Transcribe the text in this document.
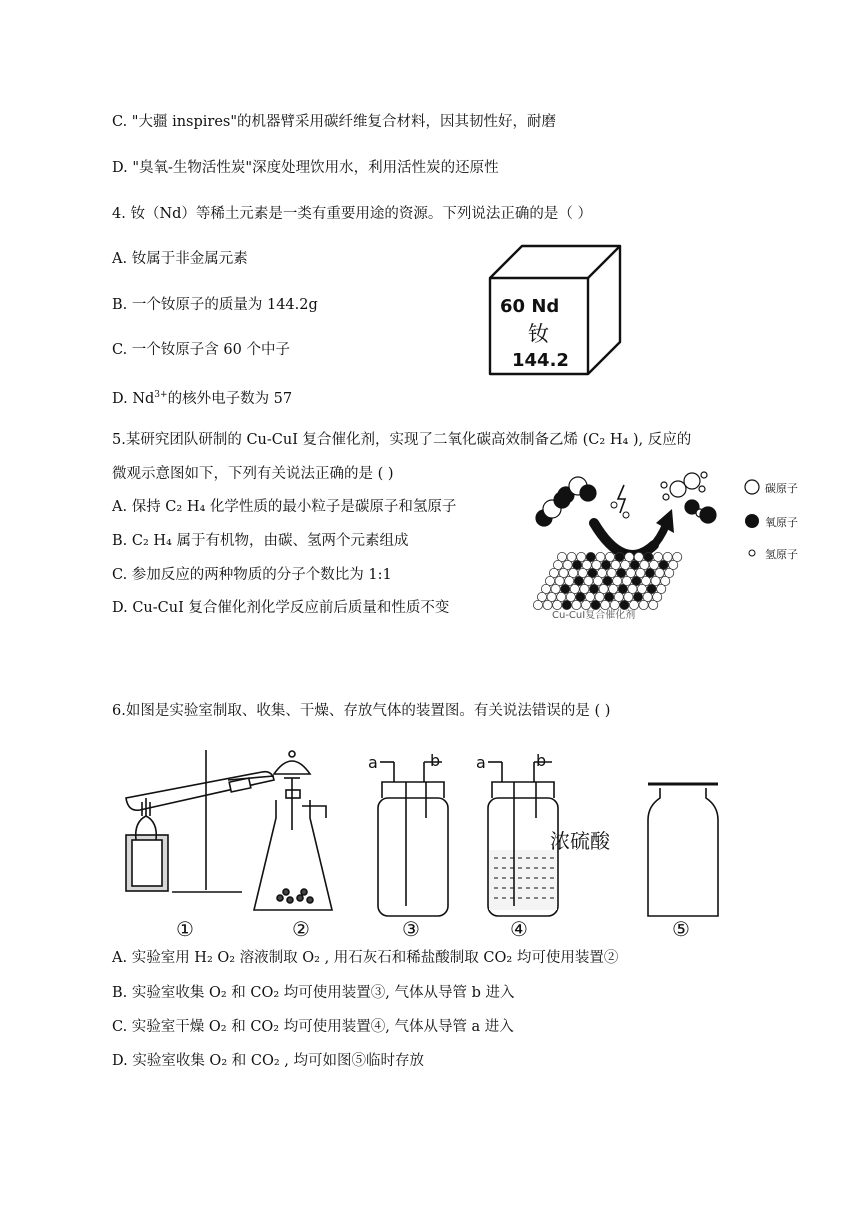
C. "大疆 inspires"的机器臂采用碳纤维复合材料，因其韧性好，耐磨
D. "臭氧-生物活性炭"深度处理饮用水，利用活性炭的还原性
4. 钕（Nd）等稀土元素是一类有重要用途的资源。下列说法正确的是（ ）
A. 钕属于非金属元素
B. 一个钕原子的质量为 144.2g
C. 一个钕原子含 60 个中子
D. $Nd^{3+}$的核外电子数为 57
60 Nd
钕
144.2
5.某研究团队研制的 Cu-CuI 复合催化剂，实现了二氧化碳高效制备乙烯 (C₂ H₄ ), 反应的
微观示意图如下，下列有关说法正确的是 ( )
A. 保持 C₂ H₄ 化学性质的最小粒子是碳原子和氢原子
B. C₂ H₄ 属于有机物，由碳、氢两个元素组成
C. 参加反应的两种物质的分子个数比为 1:1
D. Cu-CuI 复合催化剂化学反应前后质量和性质不变
碳原子
氧原子
氢原子
Cu-CuI复合催化剂
6.如图是实验室制取、收集、干燥、存放气体的装置图。有关说法错误的是 ( )
a	b a	b
浓硫酸
①	②	③	④	⑤
A. 实验室用 H₂ O₂ 溶液制取 O₂ , 用石灰石和稀盐酸制取 CO₂ 均可使用装置②
B. 实验室收集 O₂ 和 CO₂ 均可使用装置③, 气体从导管 b 进入
C. 实验室干燥 O₂ 和 CO₂ 均可使用装置④, 气体从导管 a 进入
D. 实验室收集 O₂ 和 CO₂ , 均可如图⑤临时存放
